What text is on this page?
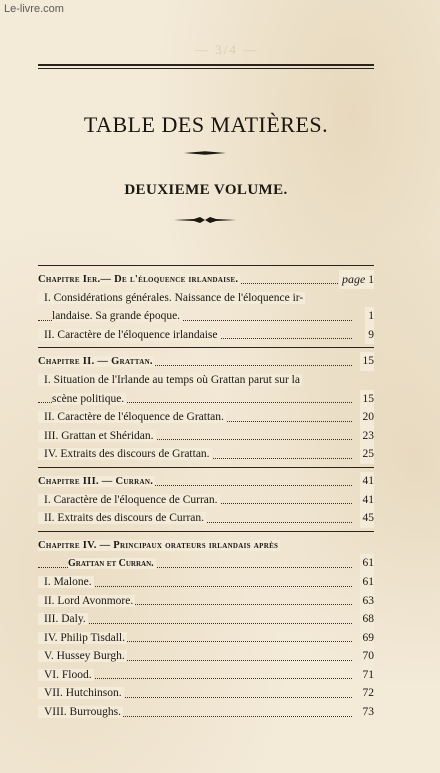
Le-livre.com
— 3/4 —
TABLE DES MATIÈRES.
DEUXIEME VOLUME.
Chapitre Ier.— De l'éloquence irlandaise.	page 1
I. Considérations générales. Naissance de l'éloquence ir-
landaise. Sa grande époque.	1
II. Caractère de l'éloquence irlandaise	9
Chapitre II. — Grattan.	15
I. Situation de l'Irlande au temps où Grattan parut sur la
scène politique.	15
II. Caractère de l'éloquence de Grattan.	20
III. Grattan et Shéridan.	23
IV. Extraits des discours de Grattan.	25
Chapitre III. — Curran.	41
I. Caractère de l'éloquence de Curran.	41
II. Extraits des discours de Curran.	45
Chapitre IV. — Principaux orateurs irlandais après
Grattan et Curran.	61
I. Malone.	61
II. Lord Avonmore.	63
III. Daly.	68
IV. Philip Tisdall.	69
V. Hussey Burgh.	70
VI. Flood.	71
VII. Hutchinson.	72
VIII. Burroughs.	73
